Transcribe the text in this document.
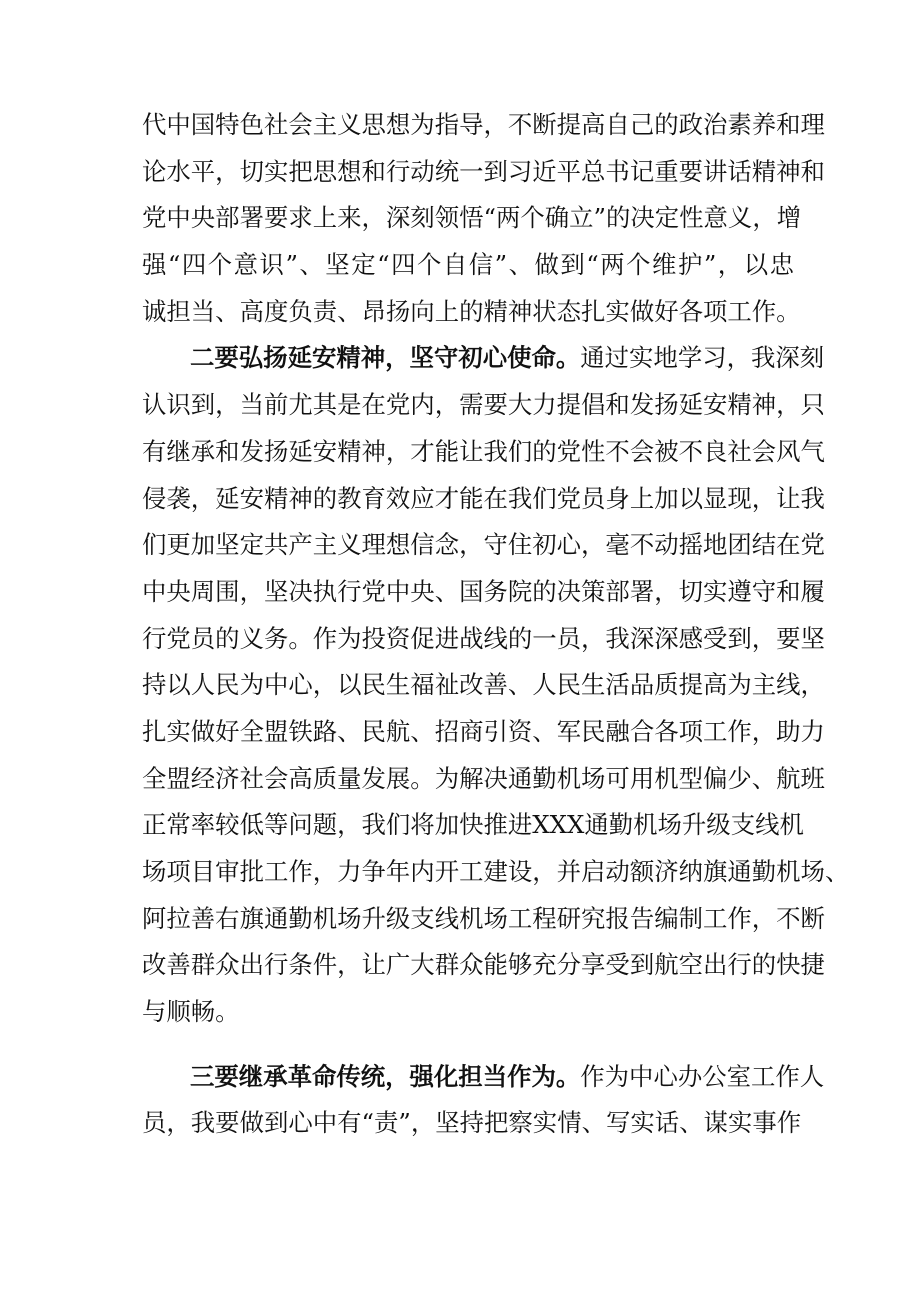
代中国特色社会主义思想为指导，不断提高自己的政治素养和理
论水平，切实把思想和行动统一到习近平总书记重要讲话精神和
党中央部署要求上来，深刻领悟“两个确立”的决定性意义，增
强“四个意识”、坚定“四个自信”、做到“两个维护”，以忠
诚担当、高度负责、昂扬向上的精神状态扎实做好各项工作。
二要弘扬延安精神，坚守初心使命。通过实地学习，我深刻
认识到，当前尤其是在党内，需要大力提倡和发扬延安精神，只
有继承和发扬延安精神，才能让我们的党性不会被不良社会风气
侵袭，延安精神的教育效应才能在我们党员身上加以显现，让我
们更加坚定共产主义理想信念，守住初心，毫不动摇地团结在党
中央周围，坚决执行党中央、国务院的决策部署，切实遵守和履
行党员的义务。作为投资促进战线的一员，我深深感受到，要坚
持以人民为中心，以民生福祉改善、人民生活品质提高为主线，
扎实做好全盟铁路、民航、招商引资、军民融合各项工作，助力
全盟经济社会高质量发展。为解决通勤机场可用机型偏少、航班
正常率较低等问题，我们将加快推进XXX通勤机场升级支线机
场项目审批工作，力争年内开工建设，并启动额济纳旗通勤机场、
阿拉善右旗通勤机场升级支线机场工程研究报告编制工作，不断
改善群众出行条件，让广大群众能够充分享受到航空出行的快捷
与顺畅。
三要继承革命传统，强化担当作为。作为中心办公室工作人
员，我要做到心中有“责”，坚持把察实情、写实话、谋实事作
